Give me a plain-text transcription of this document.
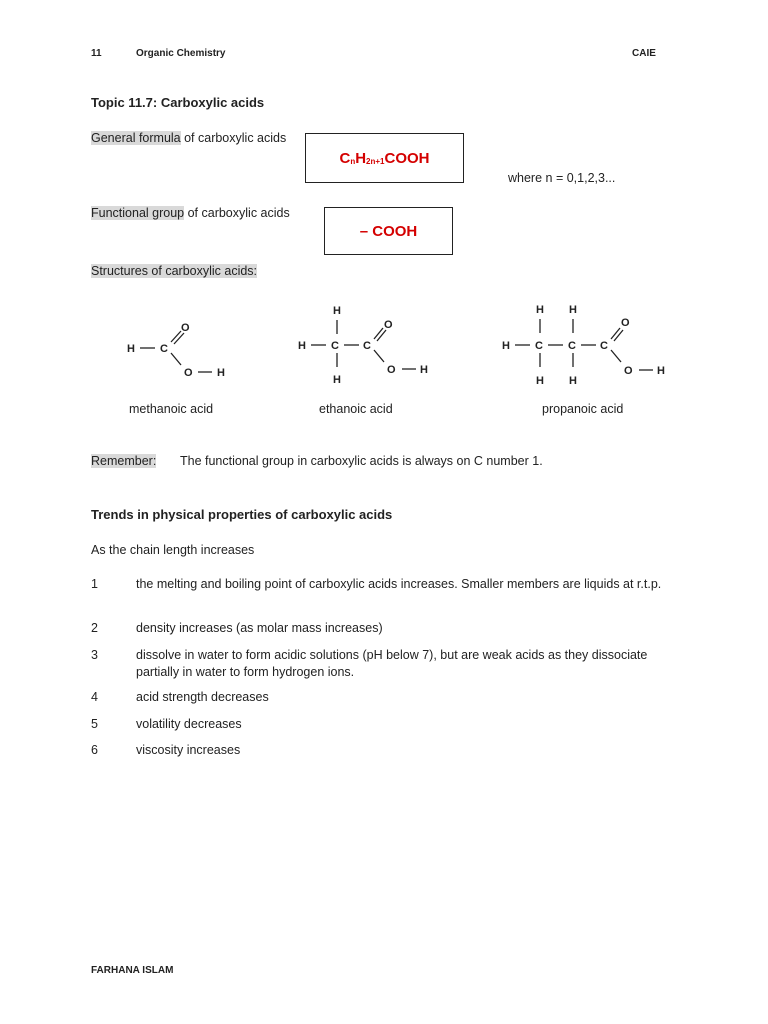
11	Organic Chemistry	CAIE
Topic 11.7: Carboxylic acids
General formula of carboxylic acids
$C_nH_{2n+1}COOH$
where n = 0,1,2,3...
Functional group of carboxylic acids
– COOH
Structures of carboxylic acids:
H C
O
O H
H
H C C
H
O
O H
H H
H C C C
H H
O
O H
methanoic acid	ethanoic acid	propanoic acid
Remember: The functional group in carboxylic acids is always on C number 1.
Trends in physical properties of carboxylic acids
As the chain length increases
1	the melting and boiling point of carboxylic acids increases. Smaller members are liquids at r.t.p.
2	density increases (as molar mass increases)
3	dissolve in water to form acidic solutions (pH below 7), but are weak acids as they dissociate partially in water to form hydrogen ions.
4	acid strength decreases
5	volatility decreases
6	viscosity increases
FARHANA ISLAM
